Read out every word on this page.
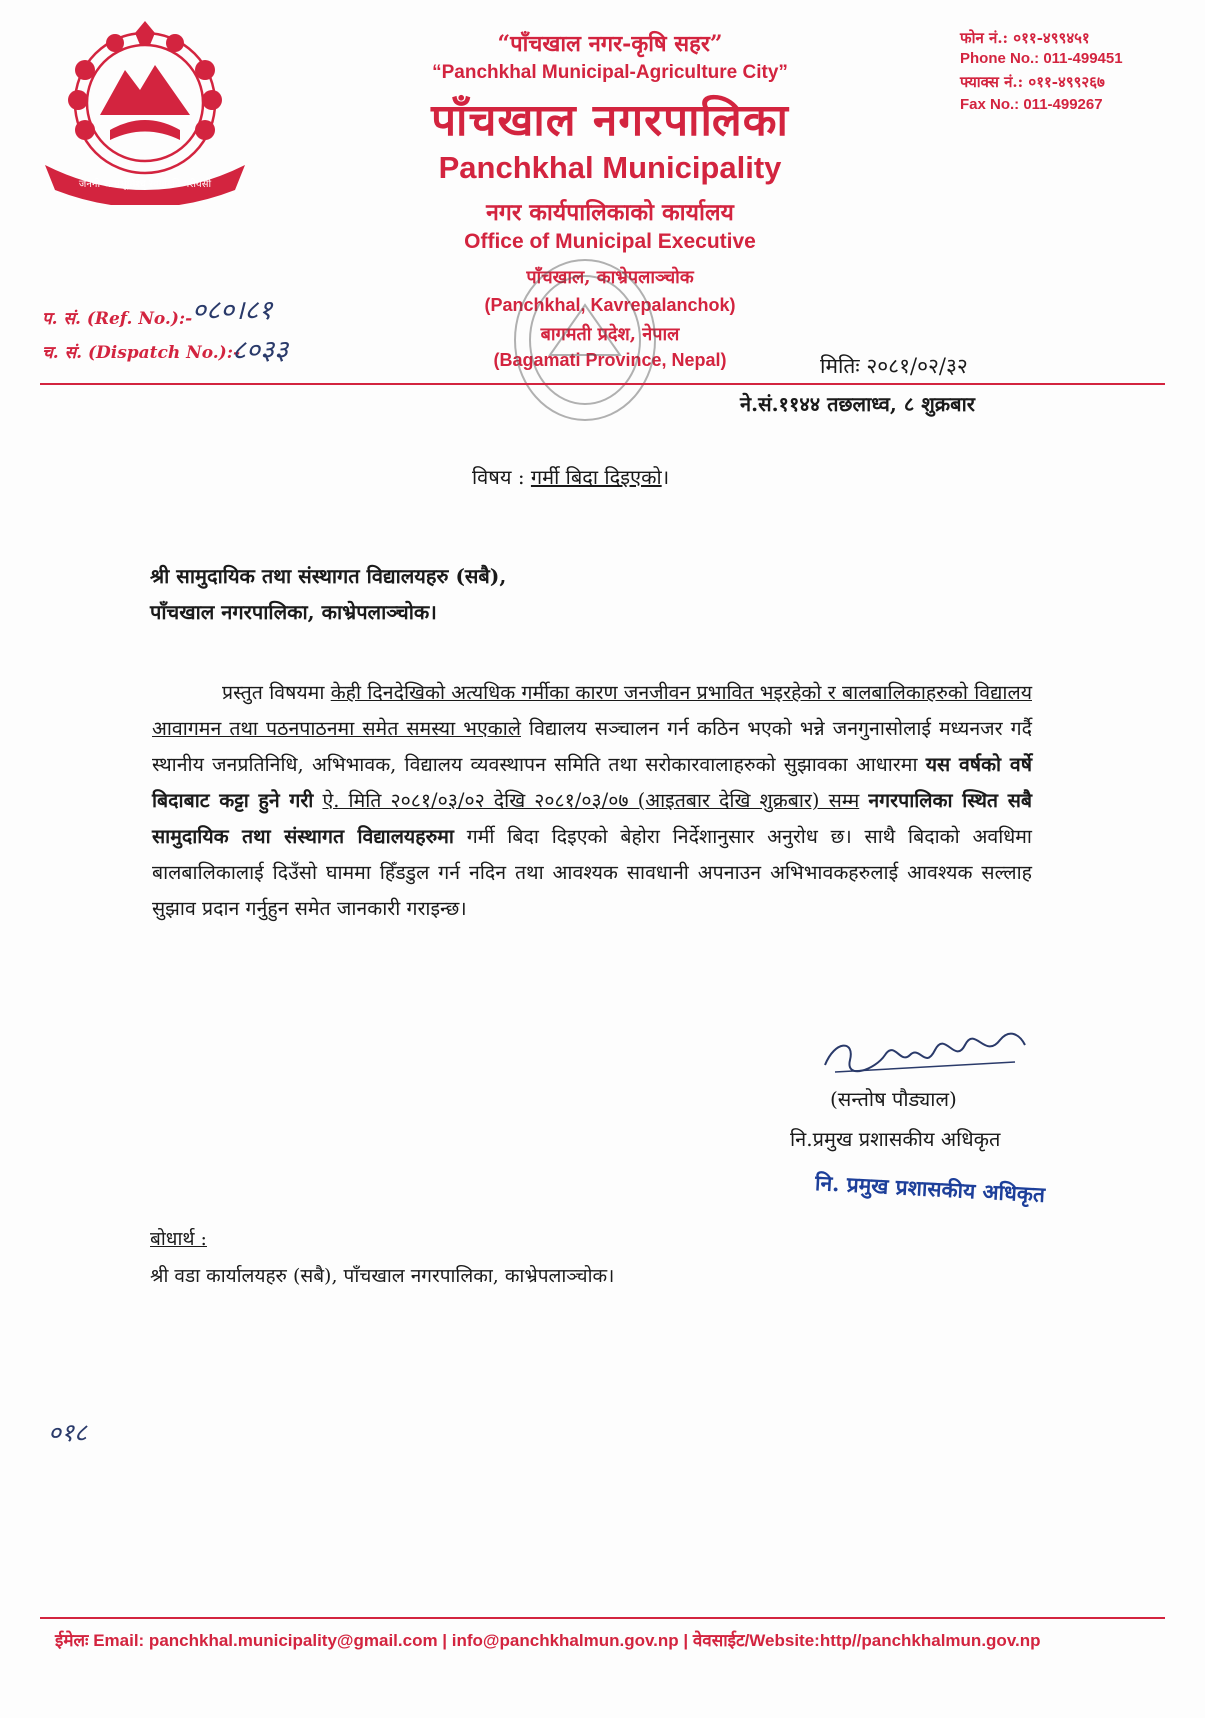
जननी जन्मभूमिश्च स्वर्गादपि गरीयसी
“पाँचखाल नगर-कृषि सहर”
“Panchkhal Municipal-Agriculture City”
पाँचखाल नगरपालिका
Panchkhal Municipality
नगर कार्यपालिकाको कार्यालय
Office of Municipal Executive
पाँचखाल, काभ्रेपलाञ्चोक
(Panchkhal, Kavrepalanchok)
बागमती प्रदेश, नेपाल
(Bagamati Province, Nepal)
फोन नं.: ०११-४९९४५१
Phone No.: 011-499451
फ्याक्स नं.: ०११-४९९२६७
Fax No.: 011-499267
प. सं. (Ref. No.):- ०८०।८१
च. सं. (Dispatch No.):-
८०३३	मितिः २०८१/०२/३२
ने.सं.११४४ तछलाध्व, ८ शुक्रबार
विषय : गर्मी बिदा दिइएको।
श्री सामुदायिक तथा संस्थागत विद्यालयहरु (सबै),
पाँचखाल नगरपालिका, काभ्रेपलाञ्चोक।
प्रस्तुत विषयमा केही दिनदेखिको अत्यधिक गर्मीका कारण जनजीवन प्रभावित भइरहेको र बालबालिकाहरुको विद्यालय आवागमन तथा पठनपाठनमा समेत समस्या भएकाले विद्यालय सञ्चालन गर्न कठिन भएको भन्ने जनगुनासोलाई मध्यनजर गर्दै स्थानीय जनप्रतिनिधि, अभिभावक, विद्यालय व्यवस्थापन समिति तथा सरोकारवालाहरुको सुझावका आधारमा यस वर्षको वर्षे बिदाबाट कट्टा हुने गरी ऐ. मिति २०८१/०३/०२ देखि २०८१/०३/०७ (आइतबार देखि शुक्रबार) सम्म नगरपालिका स्थित सबै सामुदायिक तथा संस्थागत विद्यालयहरुमा गर्मी बिदा दिइएको बेहोरा निर्देशानुसार अनुरोध छ। साथै बिदाको अवधिमा बालबालिकालाई दिउँसो घाममा हिँडडुल गर्न नदिन तथा आवश्यक सावधानी अपनाउन अभिभावकहरुलाई आवश्यक सल्लाह सुझाव प्रदान गर्नुहुन समेत जानकारी गराइन्छ।
(सन्तोष पौड्याल)
नि.प्रमुख प्रशासकीय अधिकृत
नि. प्रमुख प्रशासकीय अधिकृत
बोधार्थ :
श्री वडा कार्यालयहरु (सबै), पाँचखाल नगरपालिका, काभ्रेपलाञ्चोक।
०१८
ईमेलः Email: panchkhal.municipality@gmail.com | info@panchkhalmun.gov.np | वेवसाईट/Website:http//panchkhalmun.gov.np
